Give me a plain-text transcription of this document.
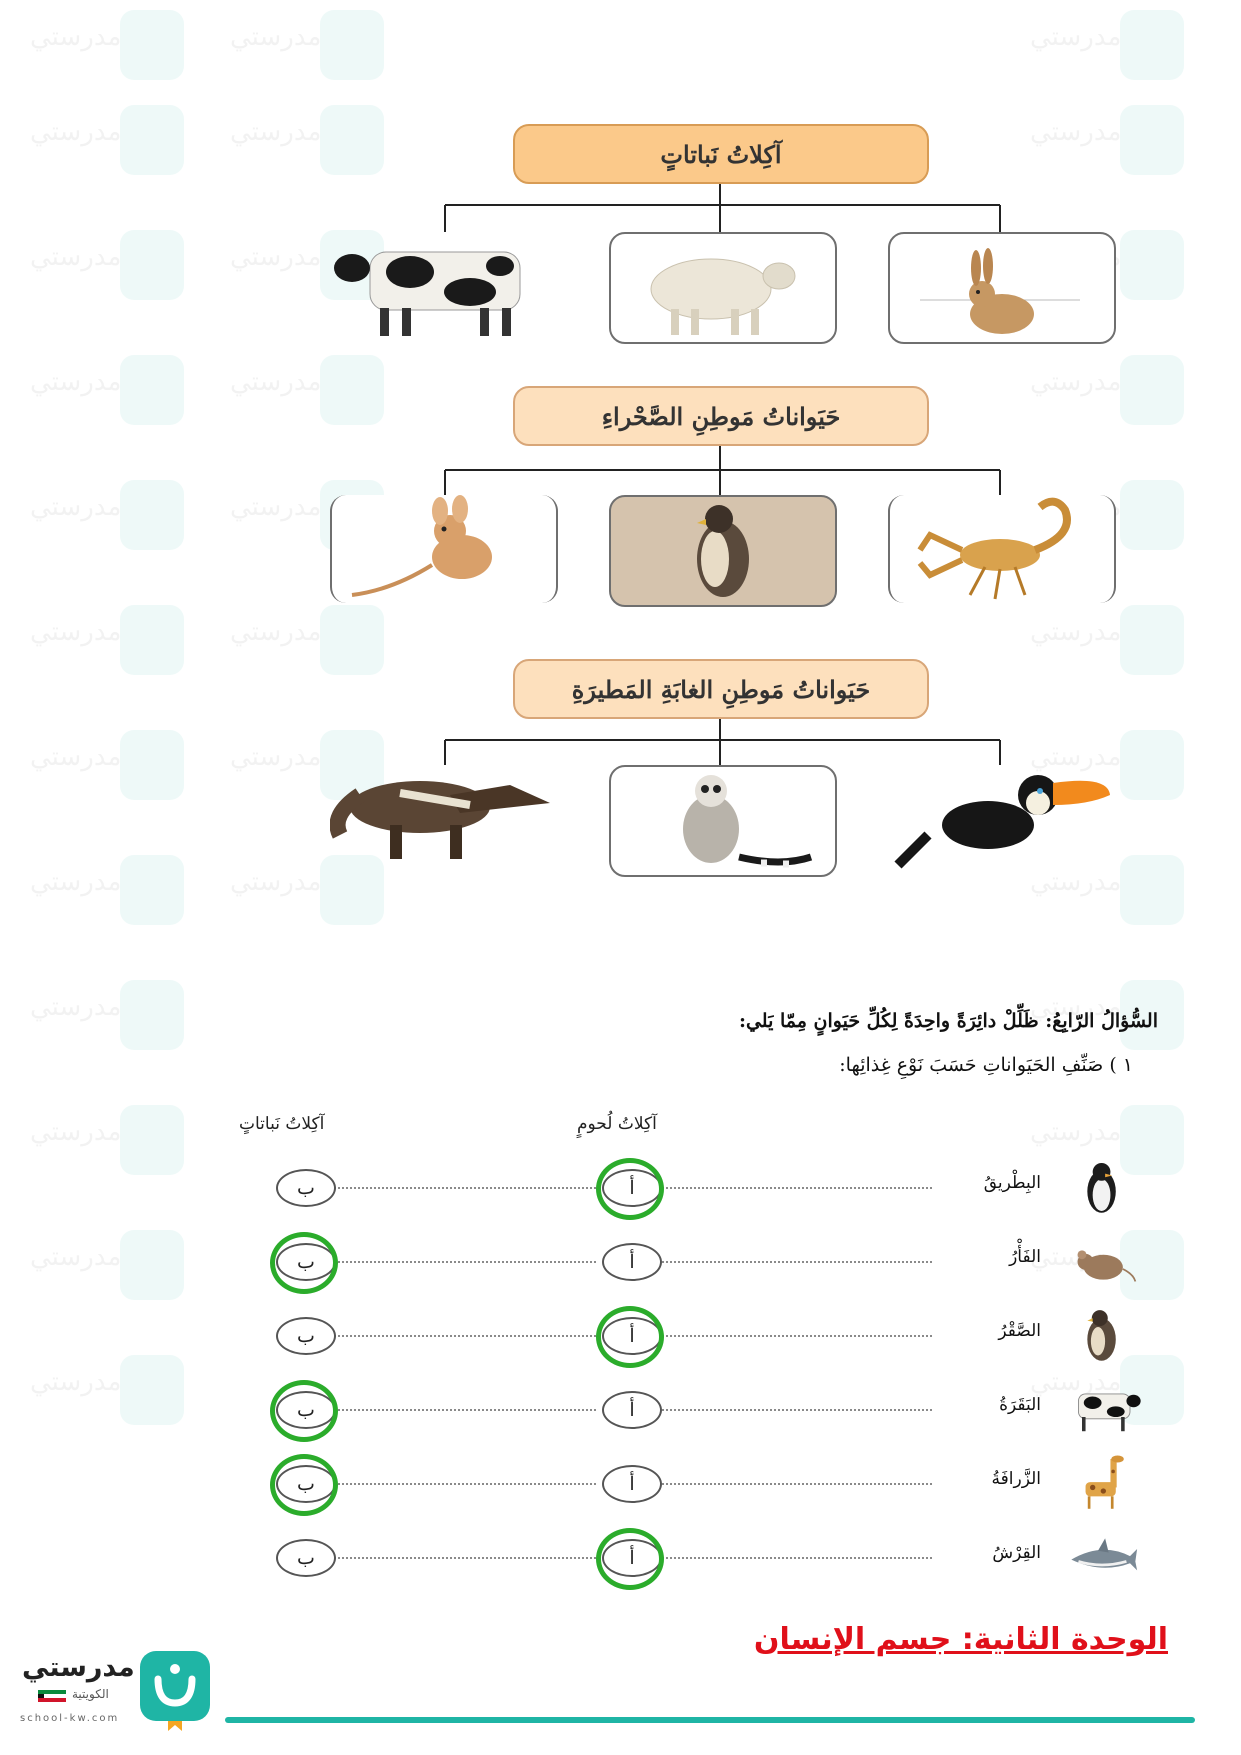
مدرستي
آكِلاتُ نَباتاتٍ
حَيَواناتُ مَوطِنِ الصَّحْراءِ
حَيَواناتُ مَوطِنِ الغابَةِ المَطيرَةِ
السُّؤالُ الرّابِعُ: ظَلِّلْ دائِرَةً واحِدَةً لِكُلِّ حَيَوانٍ مِمّا يَلي:
١ ) صَنِّفِ الحَيَواناتِ حَسَبَ نَوْعِ غِذائِها:
آكِلاتُ لُحومٍ
آكِلاتُ نَباتاتٍ
البِطْريقُ
أ
ب
الفَأْرُ
أ
ب
الصَّقْرُ
أ
ب
البَقَرَةُ
أ
ب
الزَّرافَةُ
أ
ب
القِرْشُ
أ
ب
الوحدة الثانية: جسم الإنسان
مدرستي
الكويتية
school-kw.com
